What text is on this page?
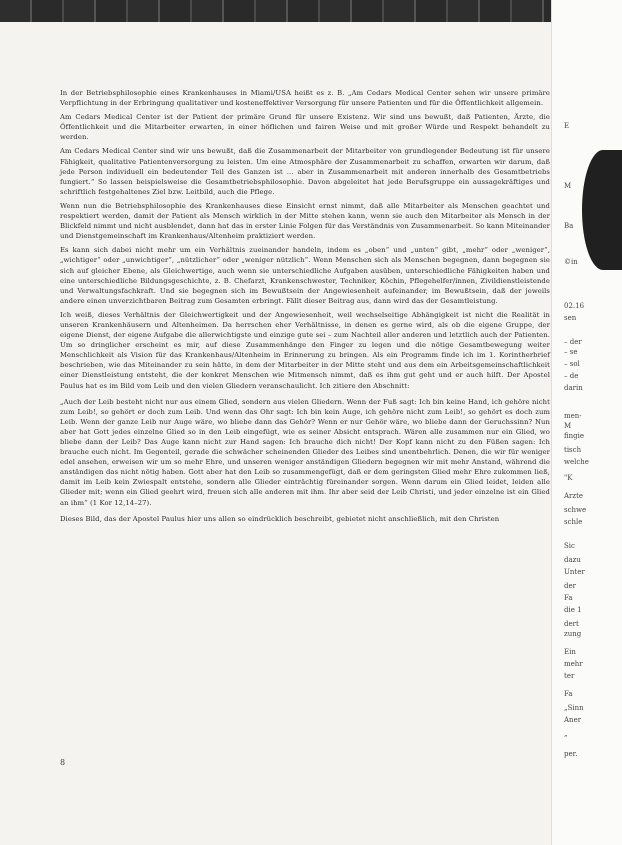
In der Betriebsphilosophie eines Krankenhauses in Miami/USA heißt es z. B. „Am Cedars Medical Center sehen wir unsere primäre Verpflichtung in der Erbringung qualitativer und kosteneffektiver Versorgung für unsere Patienten und für die Öffentlichkeit allgemein.

Am Cedars Medical Center ist der Patient der primäre Grund für unsere Existenz. Wir sind uns bewußt, daß Patienten, Ärzte, die Öffentlichkeit und die Mitarbeiter erwarten, in einer höflichen und fairen Weise und mit großer Würde und Respekt behandelt zu werden.

Am Cedars Medical Center sind wir uns bewußt, daß die Zusammenarbeit der Mitarbeiter von grundlegender Bedeutung ist für unsere Fähigkeit, qualitative Patientenversorgung zu leisten. Um eine Atmosphäre der Zusammenarbeit zu schaffen, erwarten wir darum, daß jede Person individuell ein bedeutender Teil des Ganzen ist … aber in Zusammenarbeit mit anderen innerhalb des Gesamtbetriebs fungiert.“ So lassen beispielsweise die Gesamtbetriebsphilosophie. Davon abgeleitet hat jede Berufsgruppe ein aussagekräftiges und schriftlich festgehaltenes Ziel bzw. Leitbild, auch die Pflege.

Wenn nun die Betriebsphilosophie des Krankenhauses diese Einsicht ernst nimmt, daß alle Mitarbeiter als Menschen geachtet und respektiert werden, damit der Patient als Mensch wirklich in der Mitte stehen kann, wenn sie auch den Mitarbeiter als Mensch in der Blickfeld nimmt und nicht ausblendet, dann hat das in erster Linie Folgen für das Verständnis von Zusammenarbeit. So kann Miteinander und Dienstgemeinschaft im Krankenhaus/Altenheim praktiziert werden.

Es kann sich dabei nicht mehr um ein Verhältnis zueinander handeln, indem es „oben“ und „unten“ gibt, „mehr“ oder „weniger“, „wichtiger“ oder „unwichtiger“, „nützlicher“ oder „weniger nützlich“. Wenn Menschen sich als Menschen begegnen, dann begegnen sie sich auf gleicher Ebene, als Gleichwertige, auch wenn sie unterschiedliche Aufgaben ausüben, unterschiedliche Fähigkeiten haben und eine unterschiedliche Bildungsgeschichte, z. B. Chefarzt, Krankenschwester, Techniker, Köchin, Pflegehelfer/innen, Zivildienstleistende und Verwaltungsfachkraft. Und sie begegnen sich im Bewußtsein der Angewiesenheit aufeinander, im Bewußtsein, daß der jeweils andere einen unverzichtbaren Beitrag zum Gesamten erbringt. Fällt dieser Beitrag aus, dann wird das der Gesamtleistung.

Ich weiß, dieses Verhältnis der Gleichwertigkeit und der Angewiesenheit, weil wechselseitige Abhängigkeit ist nicht die Realität in unseren Krankenhäusern und Altenheimen. Da herrschen eher Verhältnisse, in denen es gerne wird, als ob die eigene Gruppe, der eigene Dienst, der eigene Aufgabe die allerwichtigste und einzige gute sei – zum Nachteil aller anderen und letztlich auch der Patienten. Um so dringlicher erscheint es mir, auf diese Zusammenhänge den Finger zu legen und die nötige Gesamtbewegung weiter Menschlichkeit als Vision für das Krankenhaus/Altenheim in Erinnerung zu bringen. Als ein Programm finde ich im 1. Korintherbrief beschrieben, wie das Miteinander zu sein hätte, in dem der Mitarbeiter in der Mitte steht und aus dem ein Arbeitsgemeinschaftlichkeit einer Dienstleistung entsteht, die der konkret Menschen wie Mitmensch nimmt, daß es ihm gut geht und er auch hilft. Der Apostel Paulus hat es im Bild vom Leib und den vielen Gliedern veranschaulicht. Ich zitiere den Abschnitt:

„Auch der Leib besteht nicht nur aus einem Glied, sondern aus vielen Gliedern. Wenn der Fuß sagt: Ich bin keine Hand, ich gehöre nicht zum Leib!, so gehört er doch zum Leib. Und wenn das Ohr sagt: Ich bin kein Auge, ich gehöre nicht zum Leib!, so gehört es doch zum Leib. Wenn der ganze Leib nur Auge wäre, wo bliebe dann das Gehör? Wenn er nur Gehör wäre, wo bliebe dann der Geruchssinn? Nun aber hat Gott jedes einzelne Glied so in den Leib eingefügt, wie es seiner Absicht entsprach. Wären alle zusammen nur ein Glied, wo bliebe dann der Leib? Das Auge kann nicht zur Hand sagen: Ich brauche dich nicht! Der Kopf kann nicht zu den Füßen sagen: Ich brauche euch nicht. Im Gegenteil, gerade die schwächer scheinenden Glieder des Leibes sind unentbehrlich. Denen, die wir für weniger edel ansehen, erweisen wir um so mehr Ehre, und unseren weniger anständigen Gliedern begegnen wir mit mehr Anstand, während die anständigen das nicht nötig haben. Gott aber hat den Leib so zusammengefügt, daß er dem geringsten Glied mehr Ehre zukommen ließ, damit im Leib kein Zwiespalt entstehe, sondern alle Glieder einträchtig füreinander sorgen. Wenn darum ein Glied leidet, leiden alle Glieder mit; wenn ein Glied geehrt wird, freuen sich alle anderen mit ihm. Ihr aber seid der Leib Christi, und jeder einzelne ist ein Glied an ihm“ (1 Kor 12,14–27).

Dieses Bild, das der Apostel Paulus hier uns allen so eindrücklich beschreibt, gebietet nicht anschließlich, mit den Christen

8
E
M
Ba
©in
02.16
sen
– der
– se
– sol
– de
darin
men-
M
fingie
tisch
welche
"K
Arzte
schwe
schle
Sic
dazu
Unter
der
Fa
die 1
dert
zung
Ein
mehr
ter
Fa
„Sinn
Aner
„
per.
